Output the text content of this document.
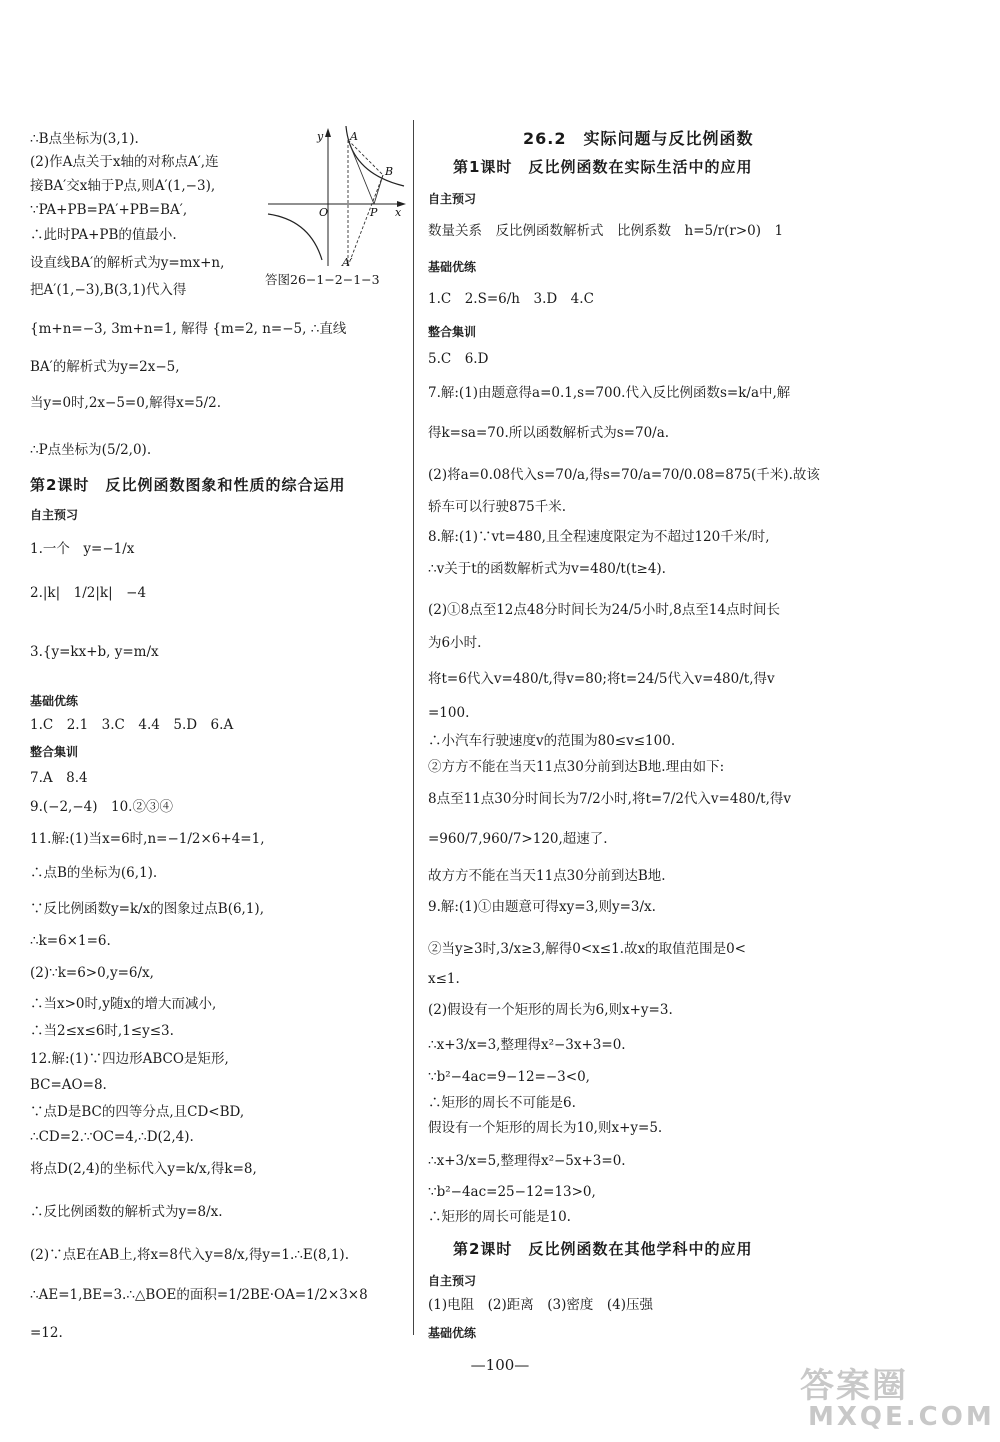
∴B点坐标为(3,1).
(2)作A点关于x轴的对称点A′,连
接BA′交x轴于P点,则A′(1,−3),
∵PA+PB=PA′+PB=BA′,
∴此时PA+PB的值最小.
设直线BA′的解析式为y=mx+n,
把A′(1,−3),B(3,1)代入得
{m+n=−3, 3m+n=1, 解得 {m=2, n=−5, ∴直线
BA′的解析式为y=2x−5,
当y=0时,2x−5=0,解得x=5/2.
∴P点坐标为(5/2,0).
第2课时　反比例函数图象和性质的综合运用
自主预习
1.一个　y=−1/x
2.|k|　1/2|k|　−4
3.{y=kx+b, y=m/x
基础优练
1.C　2.1　3.C　4.4　5.D　6.A
整合集训
7.A　8.4
9.(−2,−4)　10.②③④
11.解:(1)当x=6时,n=−1/2×6+4=1,
∴点B的坐标为(6,1).
∵反比例函数y=k/x的图象过点B(6,1),
∴k=6×1=6.
(2)∵k=6>0,y=6/x,
∴当x>0时,y随x的增大而减小,
∴当2≤x≤6时,1≤y≤3.
12.解:(1)∵四边形ABCO是矩形,
BC=AO=8.
∵点D是BC的四等分点,且CD<BD,
∴CD=2.∵OC=4,∴D(2,4).
将点D(2,4)的坐标代入y=k/x,得k=8,
∴反比例函数的解析式为y=8/x.
(2)∵点E在AB上,将x=8代入y=8/x,得y=1.∴E(8,1).
∴AE=1,BE=3.∴△BOE的面积=1/2BE·OA=1/2×3×8
=12.
y A
B
O	P x
A′
答图26−1−2−1−3
26.2　实际问题与反比例函数
第1课时　反比例函数在实际生活中的应用
自主预习
数量关系　反比例函数解析式　比例系数　h=5/r(r>0)　1
基础优练
1.C　2.S=6/h　3.D　4.C
整合集训
5.C　6.D
7.解:(1)由题意得a=0.1,s=700.代入反比例函数s=k/a中,解
得k=sa=70.所以函数解析式为s=70/a.
(2)将a=0.08代入s=70/a,得s=70/a=70/0.08=875(千米).故该
轿车可以行驶875千米.
8.解:(1)∵vt=480,且全程速度限定为不超过120千米/时,
∴v关于t的函数解析式为v=480/t(t≥4).
(2)①8点至12点48分时间长为24/5小时,8点至14点时间长
为6小时.
将t=6代入v=480/t,得v=80;将t=24/5代入v=480/t,得v
=100.
∴小汽车行驶速度v的范围为80≤v≤100.
②方方不能在当天11点30分前到达B地.理由如下:
8点至11点30分时间长为7/2小时,将t=7/2代入v=480/t,得v
=960/7,960/7>120,超速了.
故方方不能在当天11点30分前到达B地.
9.解:(1)①由题意可得xy=3,则y=3/x.
②当y≥3时,3/x≥3,解得0<x≤1.故x的取值范围是0<
x≤1.
(2)假设有一个矩形的周长为6,则x+y=3.
∴x+3/x=3,整理得x²−3x+3=0.
∵b²−4ac=9−12=−3<0,
∴矩形的周长不可能是6.
假设有一个矩形的周长为10,则x+y=5.
∴x+3/x=5,整理得x²−5x+3=0.
∵b²−4ac=25−12=13>0,
∴矩形的周长可能是10.
第2课时　反比例函数在其他学科中的应用
自主预习
(1)电阻　(2)距离　(3)密度　(4)压强
基础优练
—100—
答案圈
MXQE.COM
